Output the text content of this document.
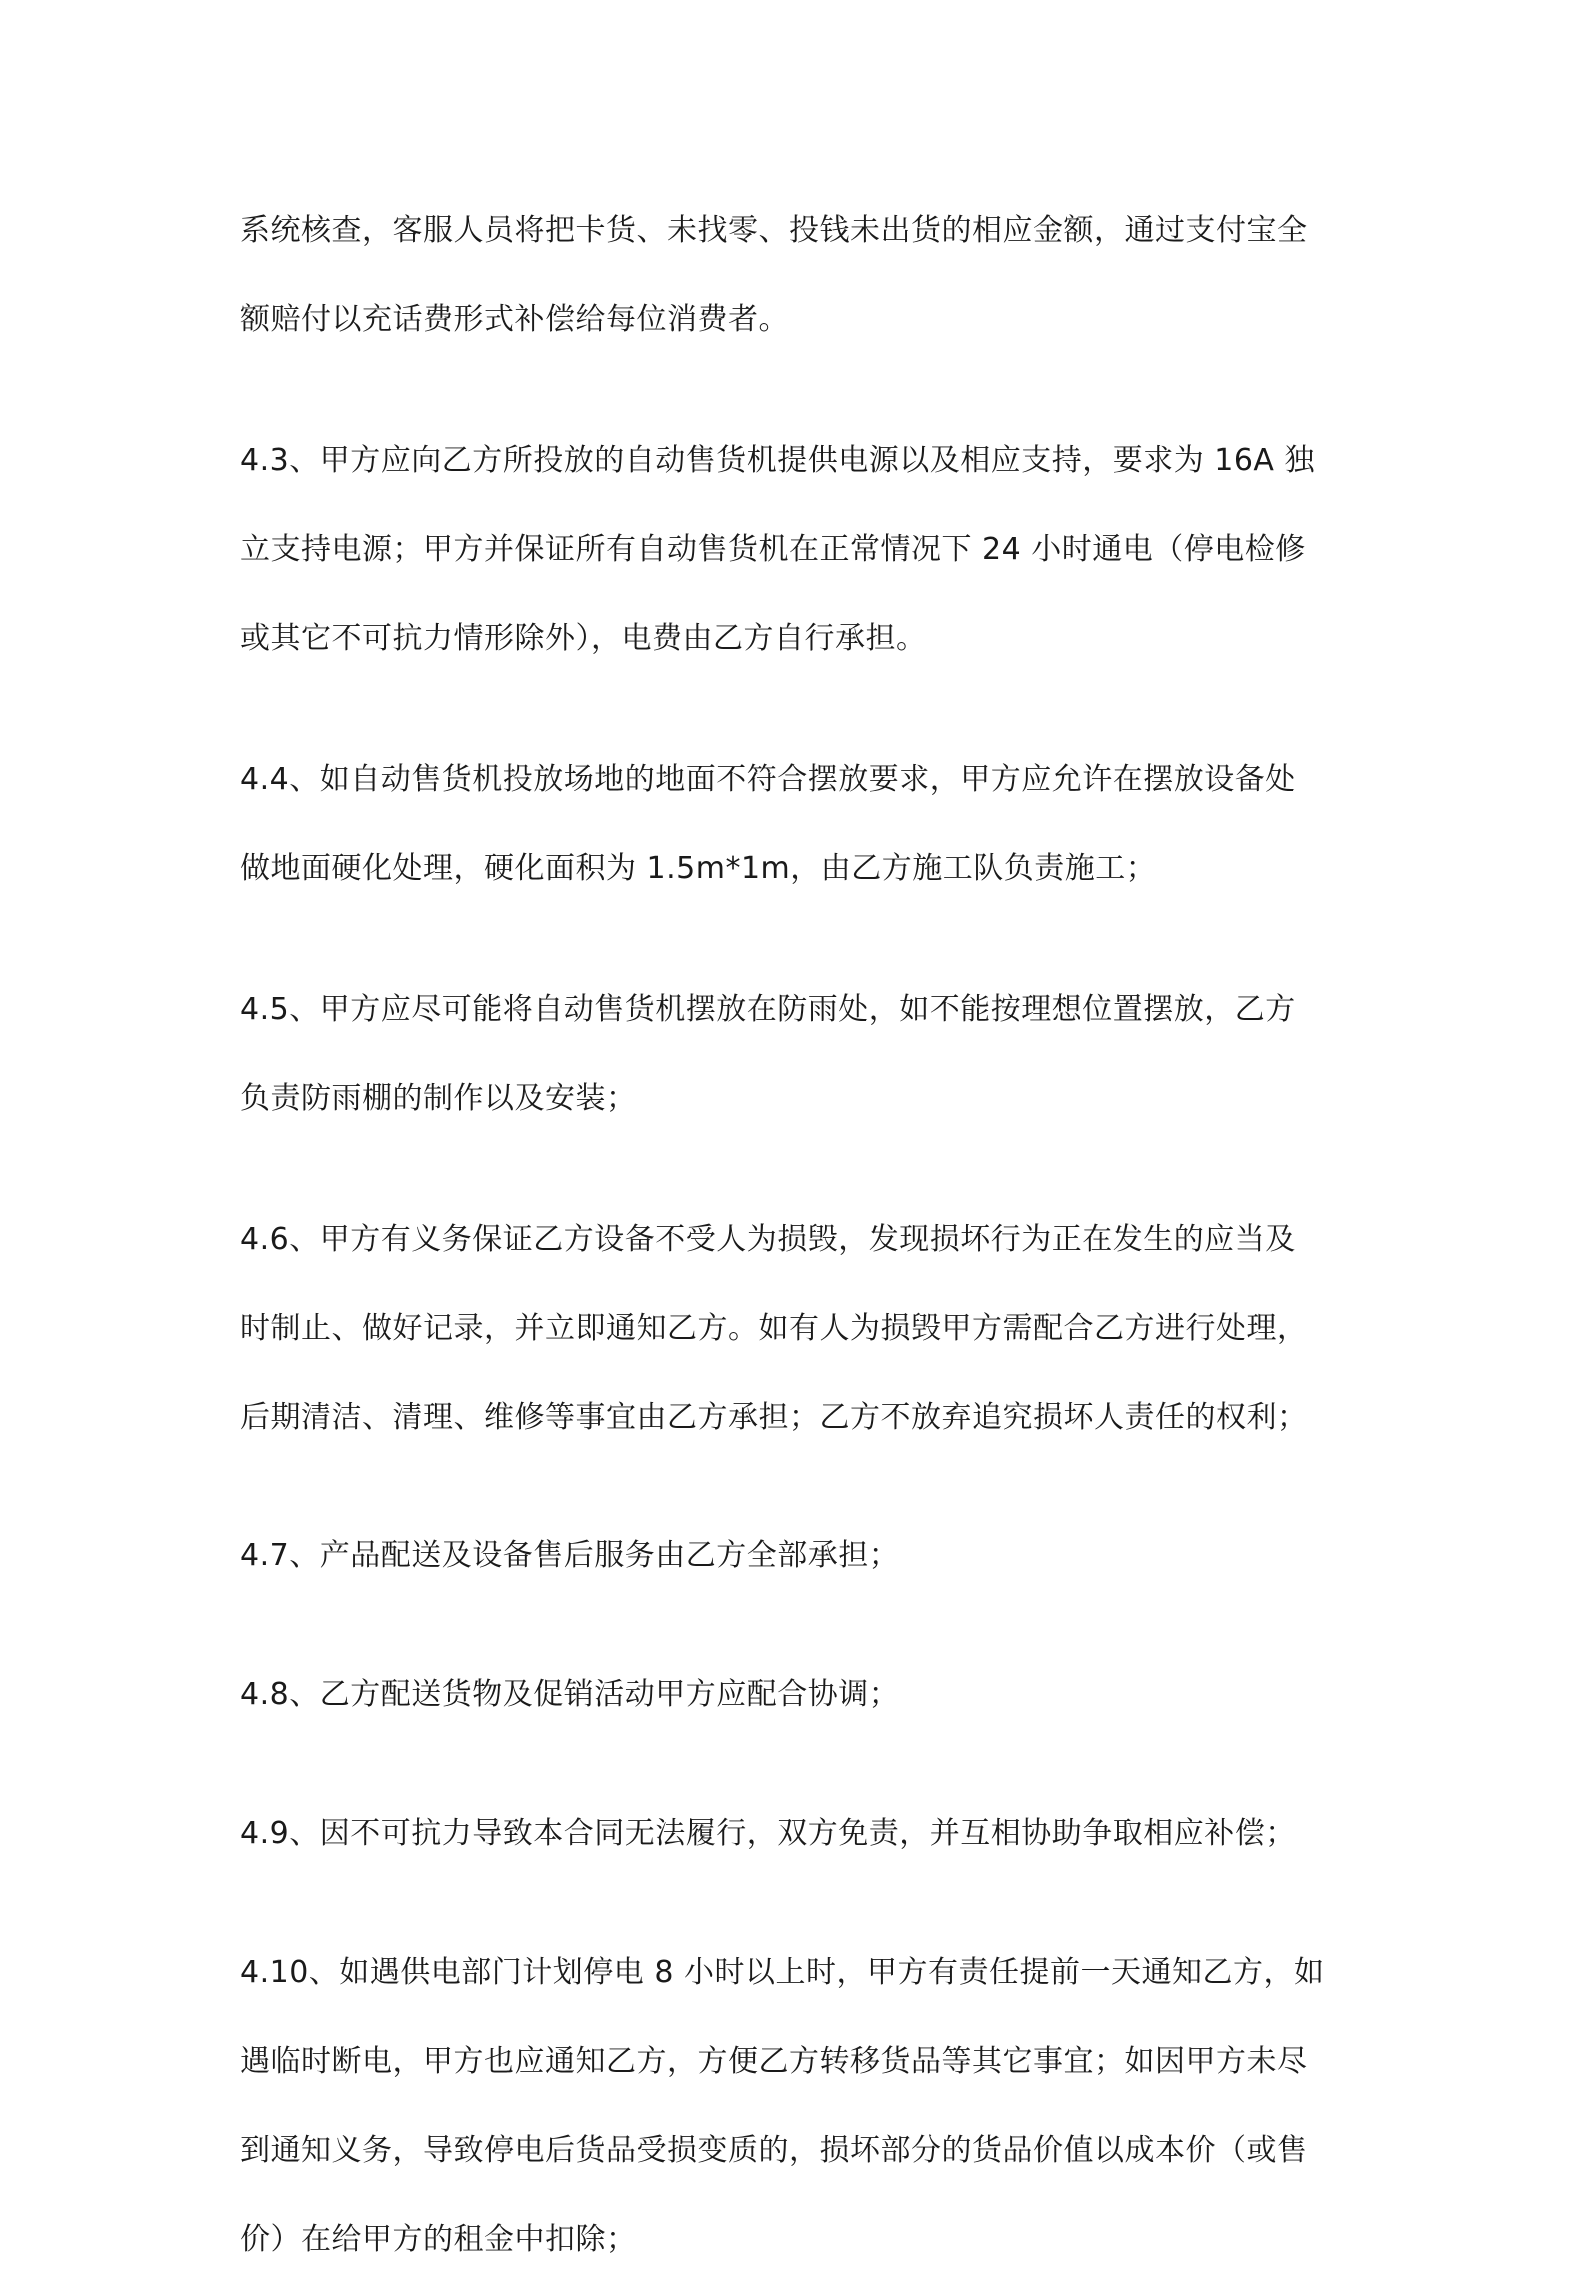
系统核查，客服人员将把卡货、未找零、投钱未出货的相应金额，通过支付宝全
额赔付以充话费形式补偿给每位消费者。
4.3、甲方应向乙方所投放的自动售货机提供电源以及相应支持，要求为 16A 独
立支持电源；甲方并保证所有自动售货机在正常情况下 24 小时通电（停电检修
或其它不可抗力情形除外），电费由乙方自行承担。
4.4、如自动售货机投放场地的地面不符合摆放要求，甲方应允许在摆放设备处
做地面硬化处理，硬化面积为 1.5m*1m，由乙方施工队负责施工；
4.5、甲方应尽可能将自动售货机摆放在防雨处，如不能按理想位置摆放，乙方
负责防雨棚的制作以及安装；
4.6、甲方有义务保证乙方设备不受人为损毁，发现损坏行为正在发生的应当及
时制止、做好记录，并立即通知乙方。如有人为损毁甲方需配合乙方进行处理，
后期清洁、清理、维修等事宜由乙方承担；乙方不放弃追究损坏人责任的权利；
4.7、产品配送及设备售后服务由乙方全部承担；
4.8、乙方配送货物及促销活动甲方应配合协调；
4.9、因不可抗力导致本合同无法履行，双方免责，并互相协助争取相应补偿；
4.10、如遇供电部门计划停电 8 小时以上时，甲方有责任提前一天通知乙方，如
遇临时断电，甲方也应通知乙方，方便乙方转移货品等其它事宜；如因甲方未尽
到通知义务，导致停电后货品受损变质的，损坏部分的货品价值以成本价（或售
价）在给甲方的租金中扣除；
